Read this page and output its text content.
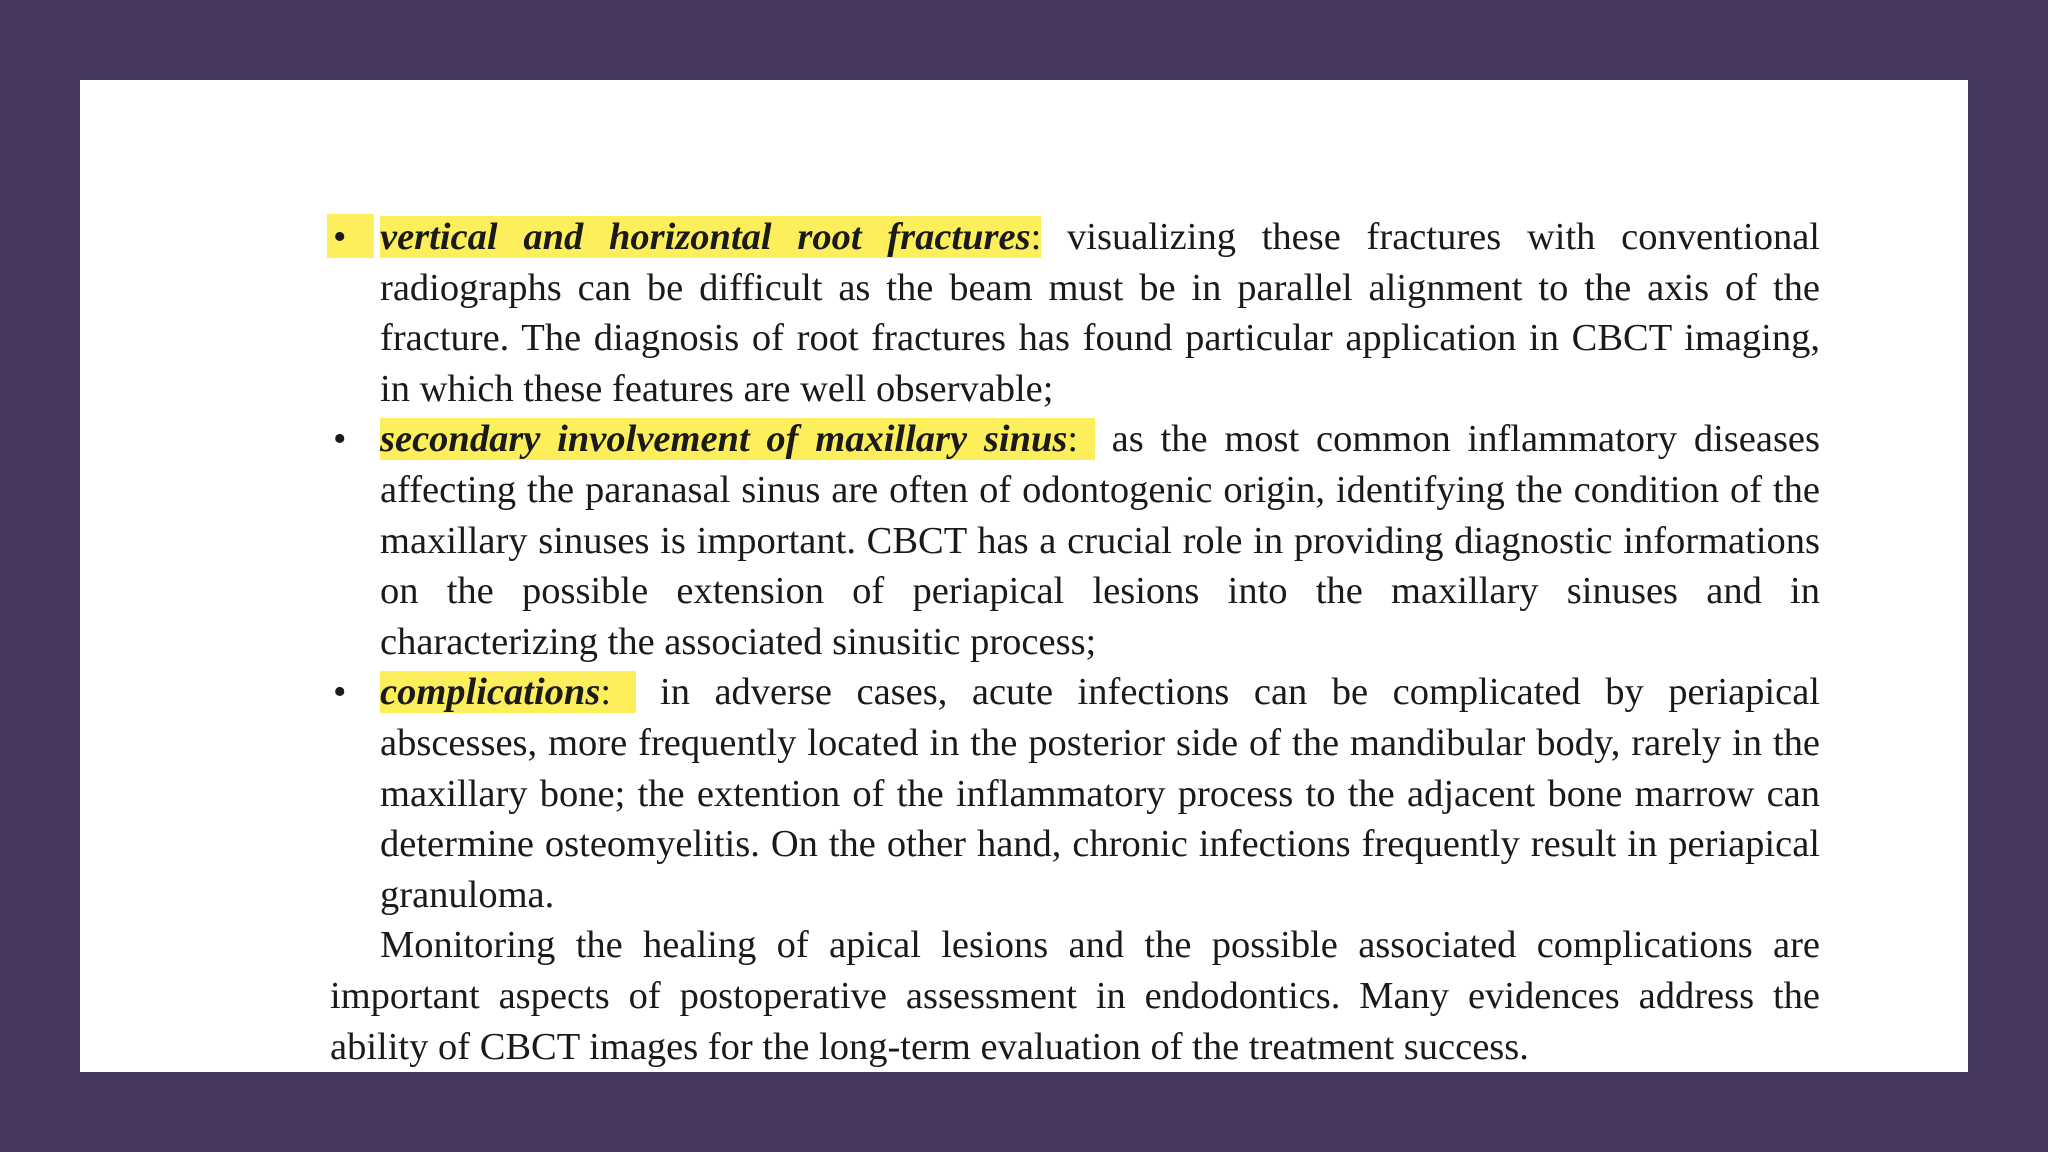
• vertical and horizontal root fractures: visualizing these fractures with conventional radiographs can be difficult as the beam must be in parallel alignment to the axis of the fracture. The diagnosis of root fractures has found particular application in CBCT imaging, in which these features are well observable;
• secondary involvement of maxillary sinus:  as the most common inflammatory diseases affecting the paranasal sinus are often of odontogenic origin, identifying the condition of the maxillary sinuses is important. CBCT has a crucial role in providing diagnostic informations on the possible extension of periapical lesions into the maxillary sinuses and in characterizing the associated sinusitic process;
• complications:  in adverse cases, acute infections can be complicated by periapical abscesses, more frequently located in the posterior side of the mandibular body, rarely in the maxillary bone; the extention of the inflammatory process to the adjacent bone marrow can determine osteomyelitis. On the other hand, chronic infections frequently result in periapical granuloma.

Monitoring the healing of apical lesions and the possible associated complications are important aspects of postoperative assessment in endodontics. Many evidences address the ability of CBCT images for the long-term evaluation of the treatment success.
